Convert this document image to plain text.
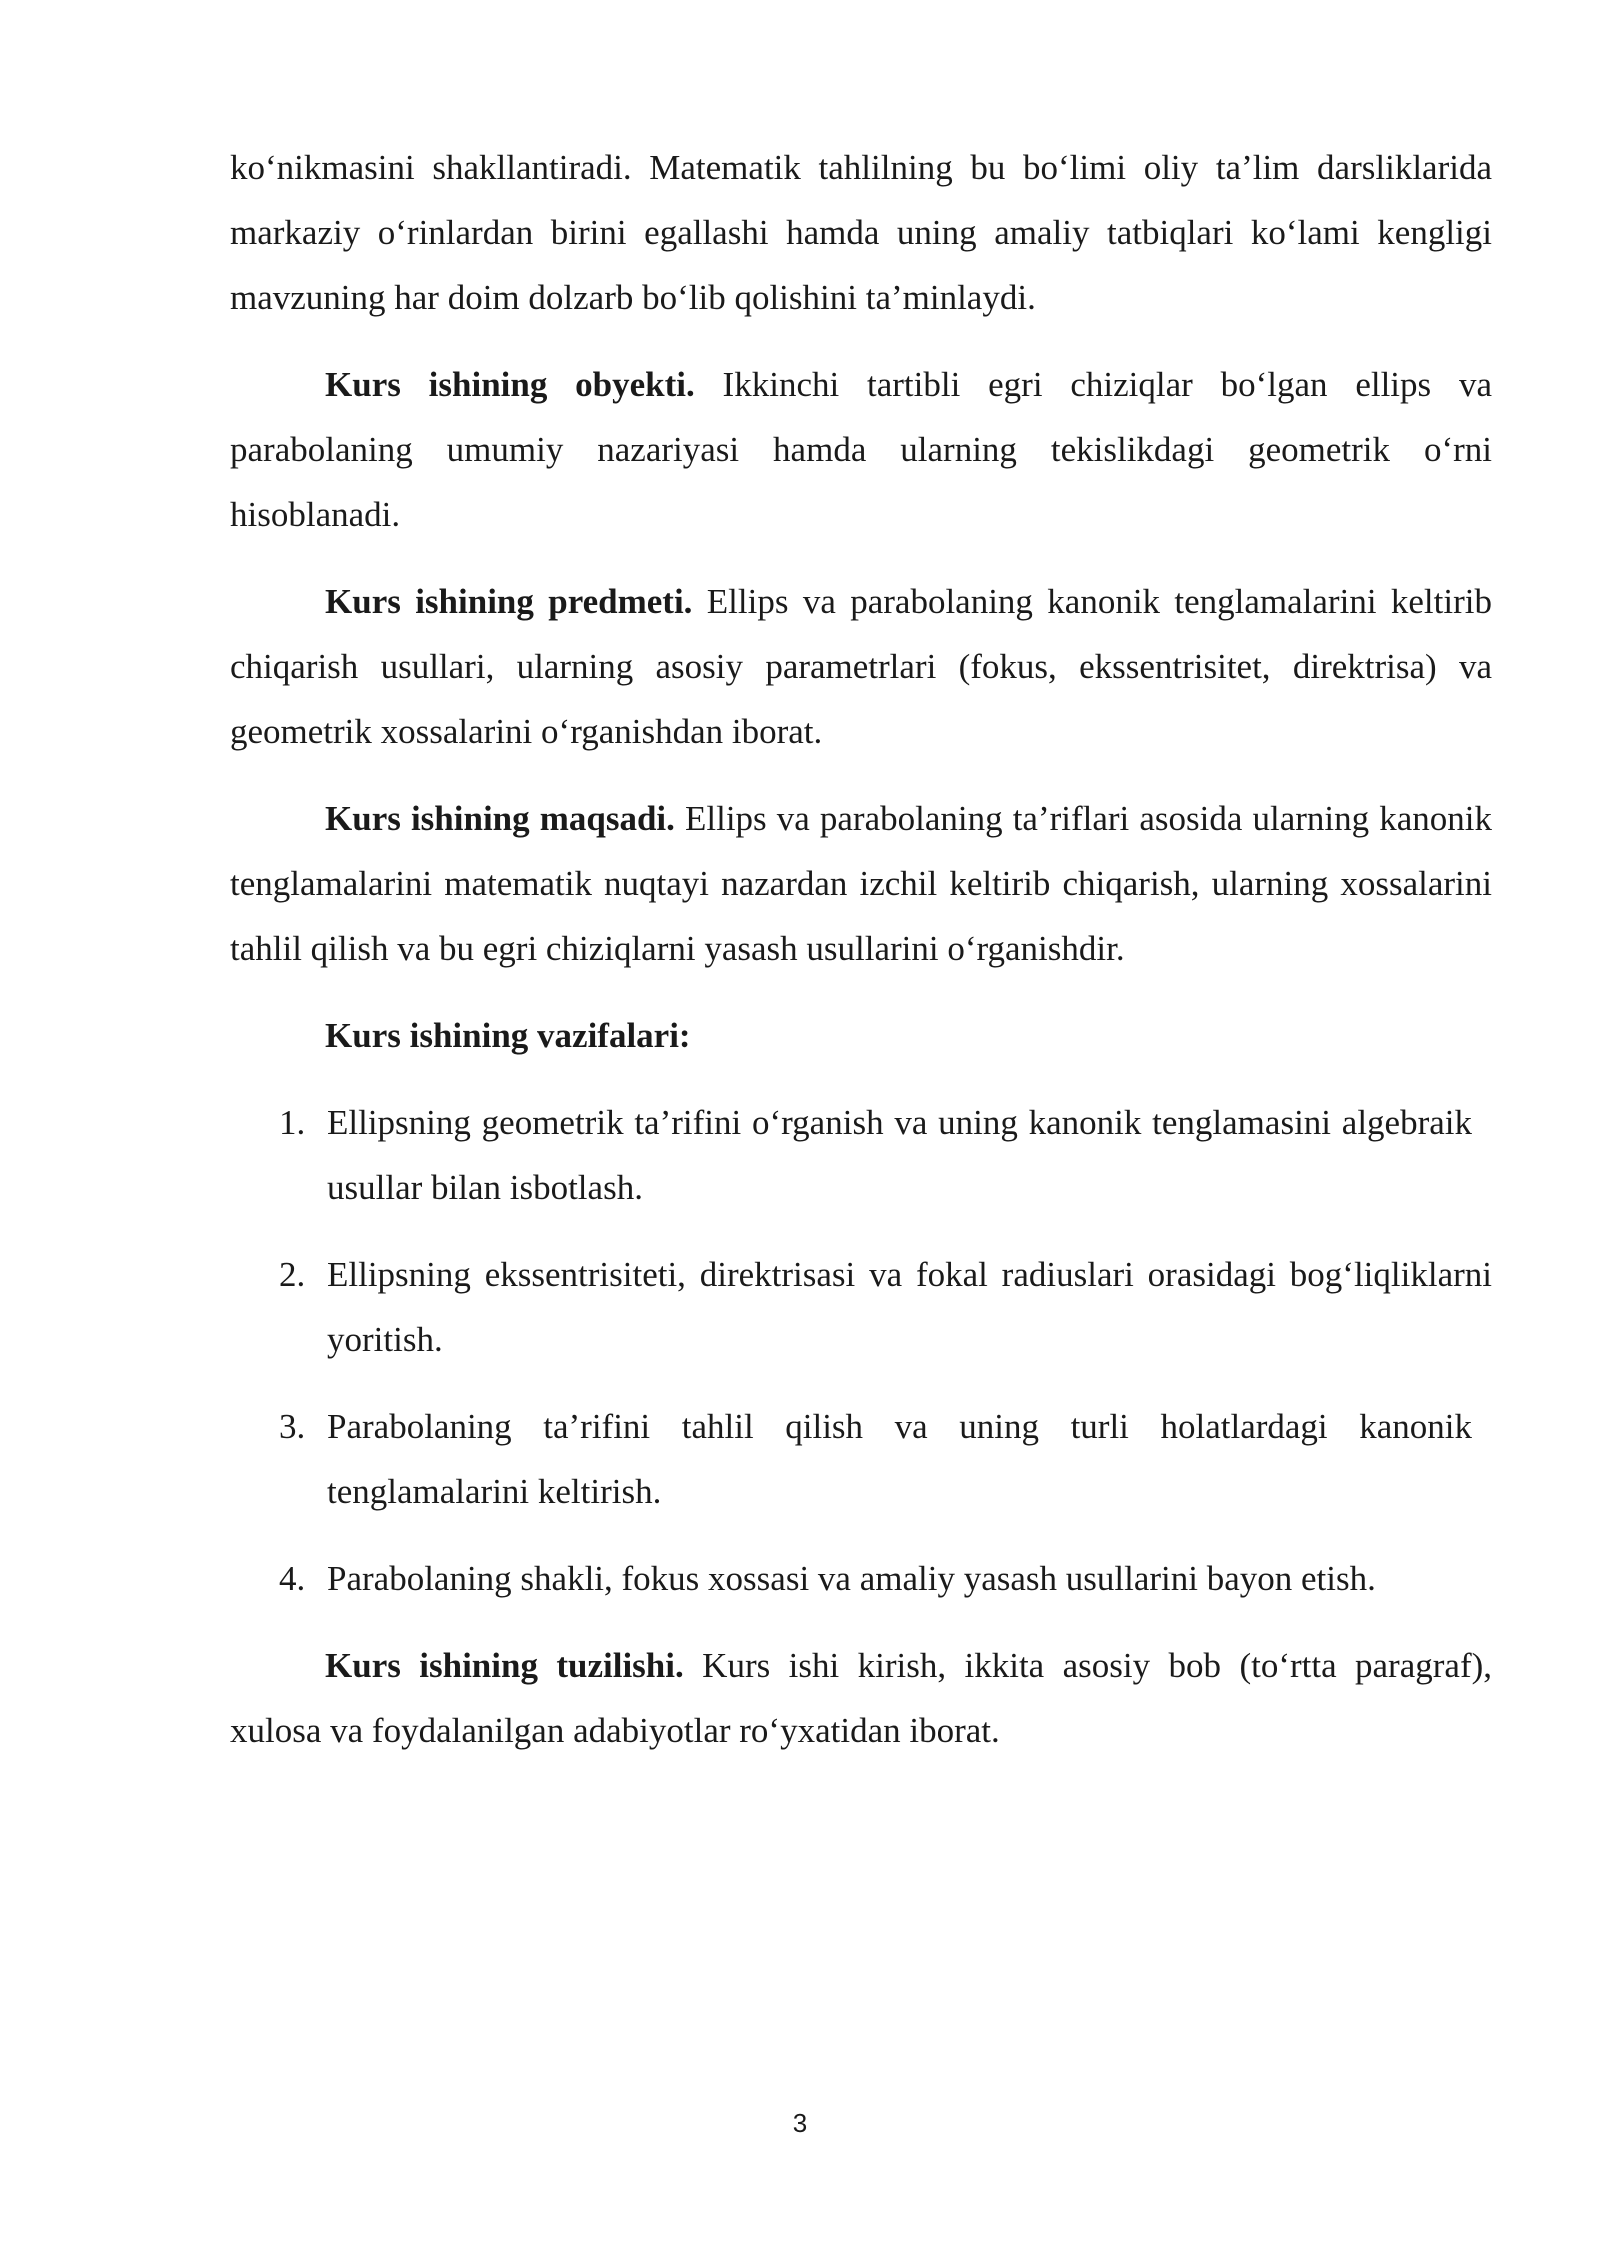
ko‘nikmasini shakllantiradi. Matematik tahlilning bu bo‘limi oliy ta’lim darsliklarida markaziy o‘rinlardan birini egallashi hamda uning amaliy tatbiqlari ko‘lami kengligi mavzuning har doim dolzarb bo‘lib qolishini ta’minlaydi.

Kurs ishining obyekti. Ikkinchi tartibli egri chiziqlar bo‘lgan ellips va parabolaning umumiy nazariyasi hamda ularning tekislikdagi geometrik o‘rni hisoblanadi.

Kurs ishining predmeti. Ellips va parabolaning kanonik tenglamalarini keltirib chiqarish usullari, ularning asosiy parametrlari (fokus, ekssentrisitet, direktrisa) va geometrik xossalarini o‘rganishdan iborat.

Kurs ishining maqsadi. Ellips va parabolaning ta’riflari asosida ularning kanonik tenglamalarini matematik nuqtayi nazardan izchil keltirib chiqarish, ularning xossalarini tahlil qilish va bu egri chiziqlarni yasash usullarini o‘rganishdir.

Kurs ishining vazifalari:
1. Ellipsning geometrik ta’rifini o‘rganish va uning kanonik tenglamasini algebraik usullar bilan isbotlash.
2. Ellipsning ekssentrisiteti, direktrisasi va fokal radiuslari orasidagi bog‘liqliklarni yoritish.
3. Parabolaning ta’rifini tahlil qilish va uning turli holatlardagi kanonik tenglamalarini keltirish.
4. Parabolaning shakli, fokus xossasi va amaliy yasash usullarini bayon etish.

Kurs ishining tuzilishi. Kurs ishi kirish, ikkita asosiy bob (to‘rtta paragraf), xulosa va foydalanilgan adabiyotlar ro‘yxatidan iborat.

3
